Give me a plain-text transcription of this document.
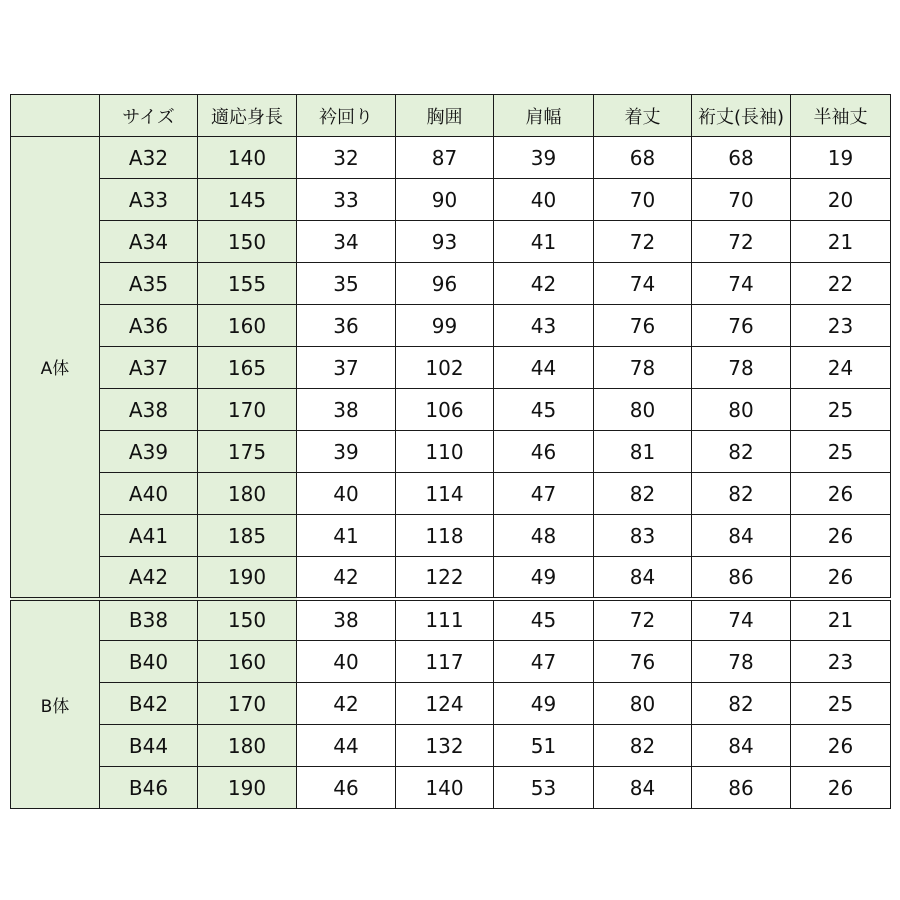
	サイズ	適応身長	衿回り	胸囲	肩幅	着丈	裄丈(長袖)	半袖丈
A体	A32	140	32	87	39	68	68	19
	A33	145	33	90	40	70	70	20
	A34	150	34	93	41	72	72	21
	A35	155	35	96	42	74	74	22
	A36	160	36	99	43	76	76	23
	A37	165	37	102	44	78	78	24
	A38	170	38	106	45	80	80	25
	A39	175	39	110	46	81	82	25
	A40	180	40	114	47	82	82	26
	A41	185	41	118	48	83	84	26
	A42	190	42	122	49	84	86	26
B体	B38	150	38	111	45	72	74	21
	B40	160	40	117	47	76	78	23
	B42	170	42	124	49	80	82	25
	B44	180	44	132	51	82	84	26
	B46	190	46	140	53	84	86	26
